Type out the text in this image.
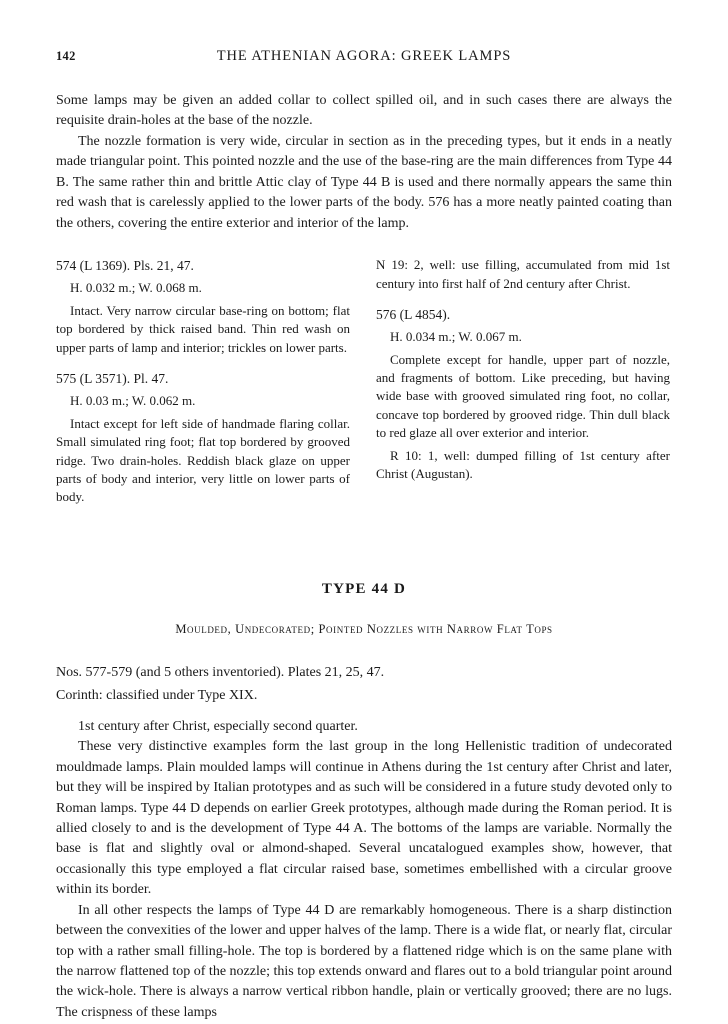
142	THE ATHENIAN AGORA: GREEK LAMPS

Some lamps may be given an added collar to collect spilled oil, and in such cases there are always the requisite drain-holes at the base of the nozzle.

The nozzle formation is very wide, circular in section as in the preceding types, but it ends in a neatly made triangular point. This pointed nozzle and the use of the base-ring are the main differences from Type 44 B. The same rather thin and brittle Attic clay of Type 44 B is used and there normally appears the same thin red wash that is carelessly applied to the lower parts of the body. 576 has a more neatly painted coating than the others, covering the entire exterior and interior of the lamp.

574 (L 1369). Pls. 21, 47.

H. 0.032 m.; W. 0.068 m.

Intact. Very narrow circular base-ring on bottom; flat top bordered by thick raised band. Thin red wash on upper parts of lamp and interior; trickles on lower parts.

575 (L 3571). Pl. 47.

H. 0.03 m.; W. 0.062 m.

Intact except for left side of handmade flaring collar. Small simulated ring foot; flat top bordered by grooved ridge. Two drain-holes. Reddish black glaze on upper parts of body and interior, very little on lower parts of body.

N 19: 2, well: use filling, accumulated from mid 1st century into first half of 2nd century after Christ.

576 (L 4854).

H. 0.034 m.; W. 0.067 m.

Complete except for handle, upper part of nozzle, and fragments of bottom. Like preceding, but having wide base with grooved simulated ring foot, no collar, concave top bordered by grooved ridge. Thin dull black to red glaze all over exterior and interior.

R 10: 1, well: dumped filling of 1st century after Christ (Augustan).

TYPE 44 D

Moulded, Undecorated; Pointed Nozzles with Narrow Flat Tops

Nos. 577-579 (and 5 others inventoried). Plates 21, 25, 47.

Corinth: classified under Type XIX.

1st century after Christ, especially second quarter.

These very distinctive examples form the last group in the long Hellenistic tradition of undecorated mouldmade lamps. Plain moulded lamps will continue in Athens during the 1st century after Christ and later, but they will be inspired by Italian prototypes and as such will be considered in a future study devoted only to Roman lamps. Type 44 D depends on earlier Greek prototypes, although made during the Roman period. It is allied closely to and is the development of Type 44 A. The bottoms of the lamps are variable. Normally the base is flat and slightly oval or almond-shaped. Several uncatalogued examples show, however, that occasionally this type employed a flat circular raised base, sometimes embellished with a circular groove within its border.

In all other respects the lamps of Type 44 D are remarkably homogeneous. There is a sharp distinction between the convexities of the lower and upper halves of the lamp. There is a wide flat, or nearly flat, circular top with a rather small filling-hole. The top is bordered by a flattened ridge which is on the same plane with the narrow flattened top of the nozzle; this top extends onward and flares out to a bold triangular point around the wick-hole. There is always a narrow vertical ribbon handle, plain or vertically grooved; there are no lugs. The crispness of these lamps
